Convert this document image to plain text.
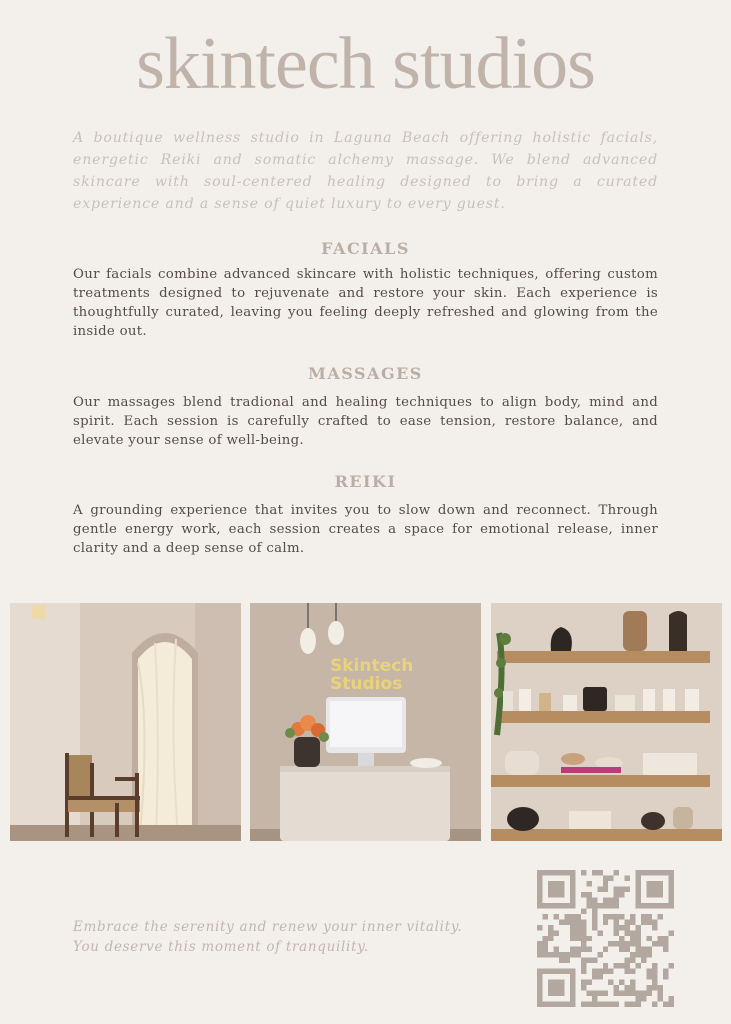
skintech studios

A boutique wellness studio in Laguna Beach offering holistic facials, energetic Reiki and somatic alchemy massage. We blend advanced skincare with soul-centered healing designed to bring a curated experience and a sense of quiet luxury to every guest.

FACIALS

Our facials combine advanced skincare with holistic techniques, offering custom treatments designed to rejuvenate and restore your skin. Each experience is thoughtfully curated, leaving you feeling deeply refreshed and glowing from the inside out.

MASSAGES

Our massages blend tradional and healing techniques to align body, mind and spirit. Each session is carefully crafted to ease tension, restore balance, and elevate your sense of well-being.

REIKI

A grounding experience that invites you to slow down and reconnect. Through gentle energy work, each session creates a space for emotional release, inner clarity and a deep sense of calm.

Skintech
Studios

Embrace the serenity and renew your inner vitality.
You deserve this moment of tranquility.
